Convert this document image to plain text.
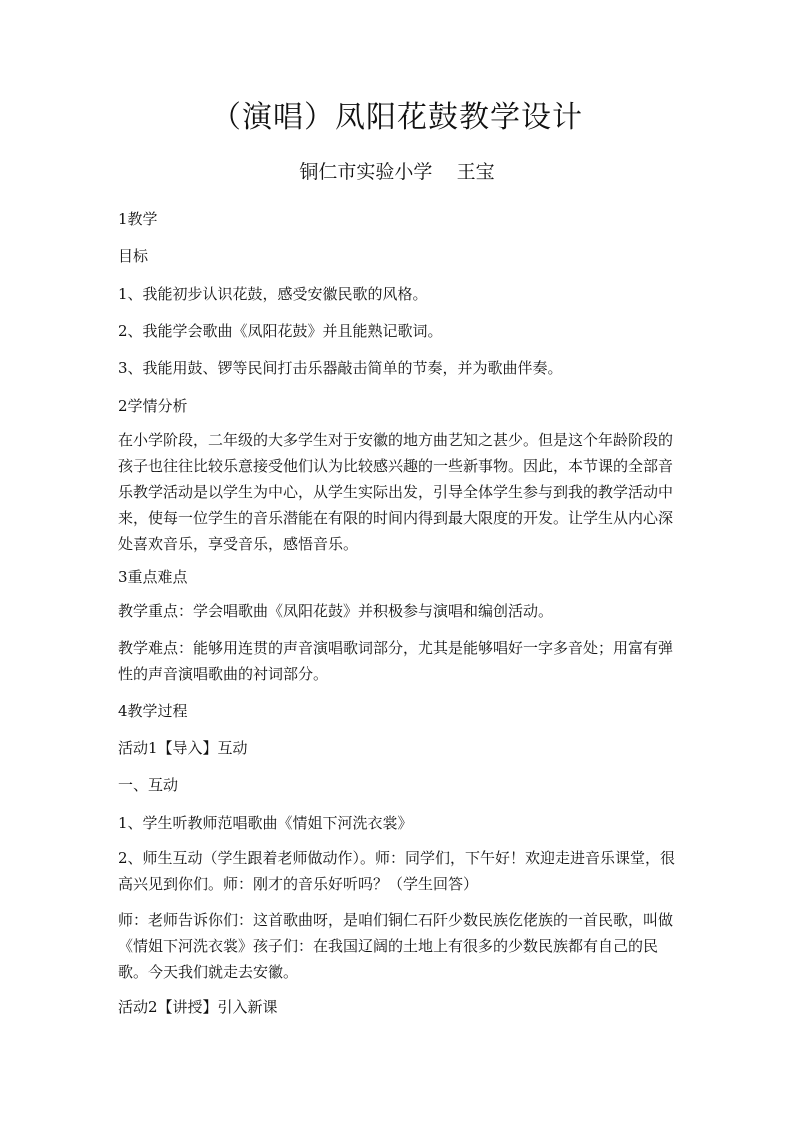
（演唱）凤阳花鼓教学设计
铜仁市实验小学    王宝

1教学

目标

1、我能初步认识花鼓，感受安徽民歌的风格。

2、我能学会歌曲《凤阳花鼓》并且能熟记歌词。

3、我能用鼓、锣等民间打击乐器敲击简单的节奏，并为歌曲伴奏。

2学情分析

在小学阶段，二年级的大多学生对于安徽的地方曲艺知之甚少。但是这个年龄阶段的孩子也往往比较乐意接受他们认为比较感兴趣的一些新事物。因此，本节课的全部音乐教学活动是以学生为中心，从学生实际出发，引导全体学生参与到我的教学活动中来，使每一位学生的音乐潜能在有限的时间内得到最大限度的开发。让学生从内心深处喜欢音乐，享受音乐，感悟音乐。

3重点难点

教学重点：学会唱歌曲《凤阳花鼓》并积极参与演唱和编创活动。

教学难点：能够用连贯的声音演唱歌词部分，尤其是能够唱好一字多音处；用富有弹性的声音演唱歌曲的衬词部分。

4教学过程

活动1【导入】互动

一、互动

1、学生听教师范唱歌曲《情姐下河洗衣裳》

2、师生互动（学生跟着老师做动作）。师：同学们，下午好！欢迎走进音乐课堂，很高兴见到你们。师：刚才的音乐好听吗？（学生回答）

师：老师告诉你们：这首歌曲呀，是咱们铜仁石阡少数民族仡佬族的一首民歌，叫做《情姐下河洗衣裳》孩子们：在我国辽阔的土地上有很多的少数民族都有自己的民歌。今天我们就走去安徽。

活动2【讲授】引入新课
